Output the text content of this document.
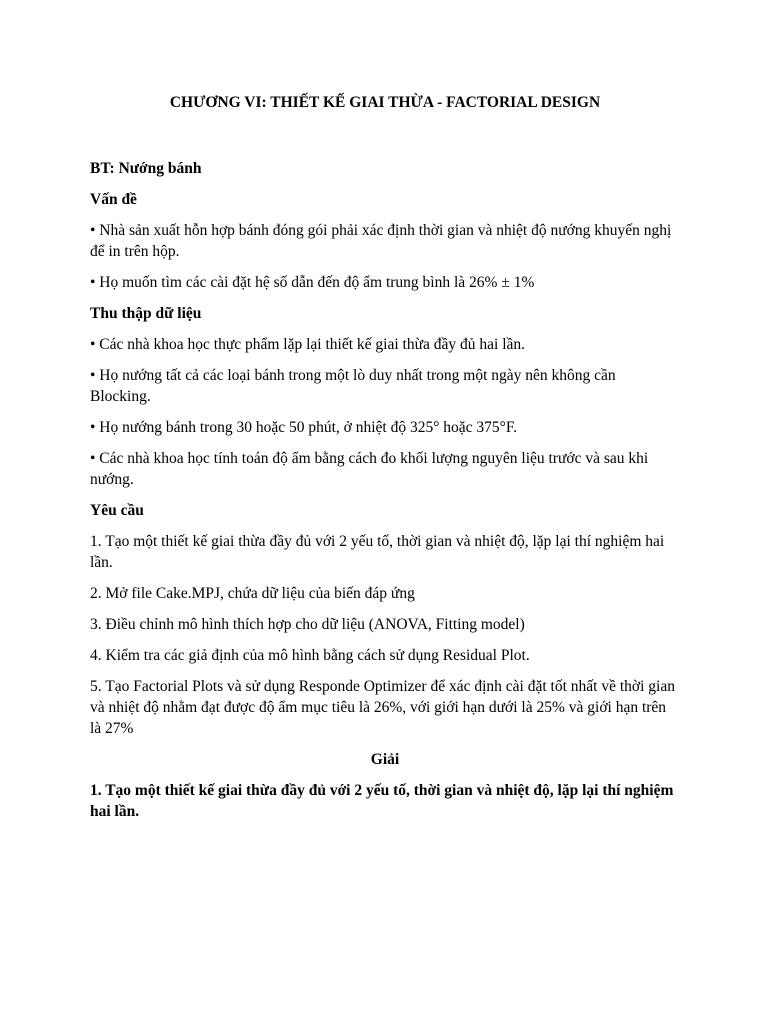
CHƯƠNG VI: THIẾT KẾ GIAI THỪA - FACTORIAL DESIGN
BT: Nướng bánh
Vấn đề
• Nhà sản xuất hỗn hợp bánh đóng gói phải xác định thời gian và nhiệt độ nướng khuyến nghị để in trên hộp.
• Họ muốn tìm các cài đặt hệ số dẫn đến độ ẩm trung bình là 26% ± 1%
Thu thập dữ liệu
• Các nhà khoa học thực phẩm lặp lại thiết kế giai thừa đầy đủ hai lần.
• Họ nướng tất cả các loại bánh trong một lò duy nhất trong một ngày nên không cần Blocking.
• Họ nướng bánh trong 30 hoặc 50 phút, ở nhiệt độ 325° hoặc 375°F.
• Các nhà khoa học tính toán độ ẩm bằng cách đo khối lượng nguyên liệu trước và sau khi nướng.
Yêu cầu
1. Tạo một thiết kế giai thừa đầy đủ với 2 yếu tố, thời gian và nhiệt độ, lặp lại thí nghiệm hai lần.
2. Mở file Cake.MPJ, chứa dữ liệu của biến đáp ứng
3. Điều chỉnh mô hình thích hợp cho dữ liệu (ANOVA, Fitting model)
4. Kiểm tra các giả định của mô hình bằng cách sử dụng Residual Plot.
5. Tạo Factorial Plots và sử dụng Responde Optimizer để xác định cài đặt tốt nhất về thời gian và nhiệt độ nhằm đạt được độ ẩm mục tiêu là 26%, với giới hạn dưới là 25% và giới hạn trên là 27%
Giải
1. Tạo một thiết kế giai thừa đầy đủ với 2 yếu tố, thời gian và nhiệt độ, lặp lại thí nghiệm hai lần.
